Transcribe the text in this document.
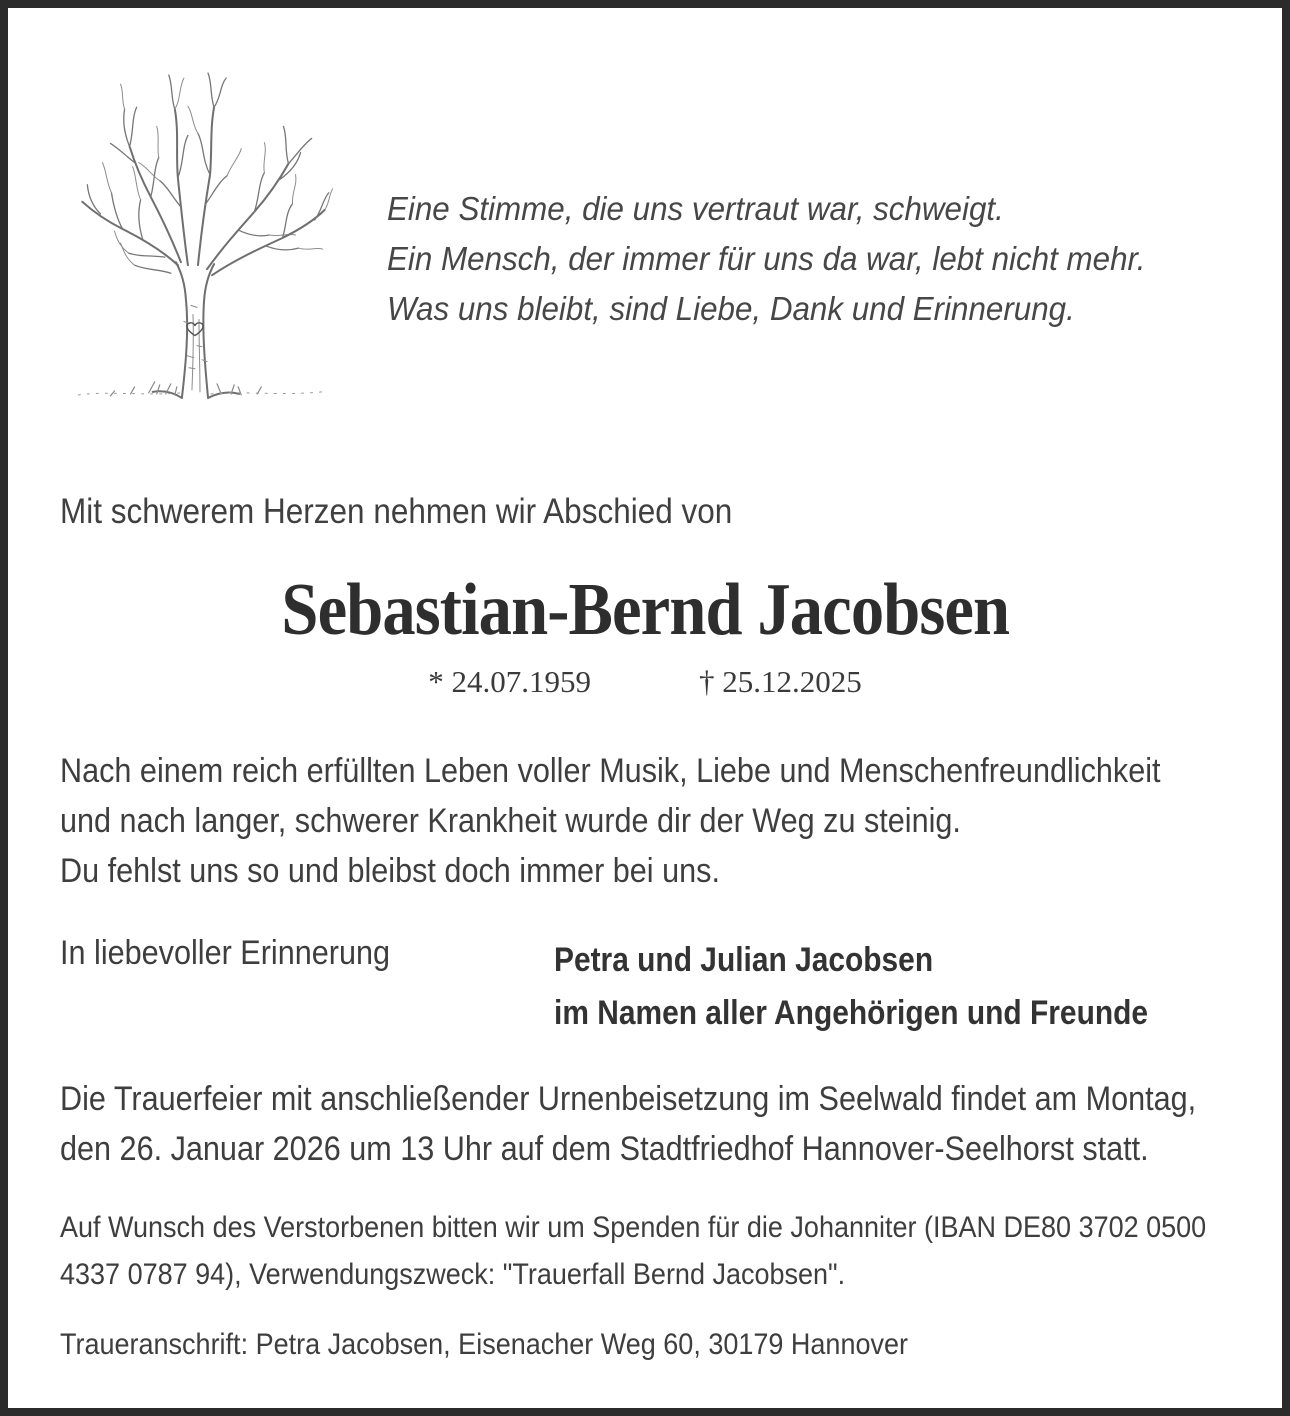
Eine Stimme, die uns vertraut war, schweigt.
Ein Mensch, der immer für uns da war, lebt nicht mehr.
Was uns bleibt, sind Liebe, Dank und Erinnerung.
Mit schwerem Herzen nehmen wir Abschied von
Sebastian-Bernd Jacobsen
* 24.07.1959	† 25.12.2025
Nach einem reich erfüllten Leben voller Musik, Liebe und Menschenfreundlichkeit
und nach langer, schwerer Krankheit wurde dir der Weg zu steinig.
Du fehlst uns so und bleibst doch immer bei uns.
In liebevoller Erinnerung	Petra und Julian Jacobsen
im Namen aller Angehörigen und Freunde
Die Trauerfeier mit anschließender Urnenbeisetzung im Seelwald findet am Montag,
den 26. Januar 2026 um 13 Uhr auf dem Stadtfriedhof Hannover-Seelhorst statt.
Auf Wunsch des Verstorbenen bitten wir um Spenden für die Johanniter (IBAN DE80 3702 0500
4337 0787 94), Verwendungszweck: "Trauerfall Bernd Jacobsen".
Traueranschrift: Petra Jacobsen, Eisenacher Weg 60, 30179 Hannover
